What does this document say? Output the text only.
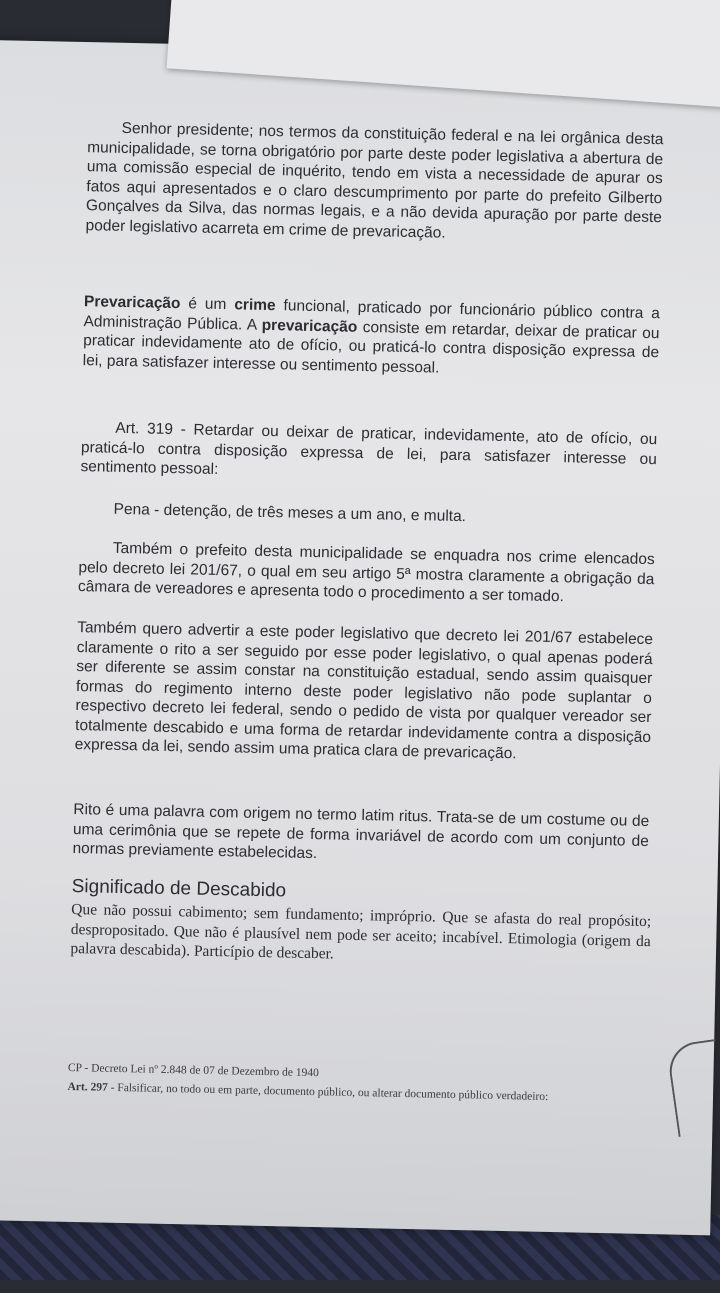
Senhor presidente; nos termos da constituição federal e na lei orgânica desta municipalidade, se torna obrigatório por parte deste poder legislativa a abertura de uma comissão especial de inquérito, tendo em vista a necessidade de apurar os fatos aqui apresentados e o claro descumprimento por parte do prefeito Gilberto Gonçalves da Silva, das normas legais, e a não devida apuração por parte deste poder legislativo acarreta em crime de prevaricação.
Prevaricação é um crime funcional, praticado por funcionário público contra a Administração Pública. A prevaricação consiste em retardar, deixar de praticar ou praticar indevidamente ato de ofício, ou praticá-lo contra disposição expressa de lei, para satisfazer interesse ou sentimento pessoal.
Art. 319 - Retardar ou deixar de praticar, indevidamente, ato de ofício, ou praticá-lo contra disposição expressa de lei, para satisfazer interesse ou sentimento pessoal:
Pena - detenção, de três meses a um ano, e multa.
Também o prefeito desta municipalidade se enquadra nos crime elencados pelo decreto lei 201/67, o qual em seu artigo 5ª mostra claramente a obrigação da câmara de vereadores e apresenta todo o procedimento a ser tomado.
Também quero advertir a este poder legislativo que decreto lei 201/67 estabelece claramente o rito a ser seguido por esse poder legislativo, o qual apenas poderá ser diferente se assim constar na constituição estadual, sendo assim quaisquer formas do regimento interno deste poder legislativo não pode suplantar o respectivo decreto lei federal, sendo o pedido de vista por qualquer vereador ser totalmente descabido e uma forma de retardar indevidamente contra a disposição expressa da lei, sendo assim uma pratica clara de prevaricação.
Rito é uma palavra com origem no termo latim ritus. Trata-se de um costume ou de uma cerimônia que se repete de forma invariável de acordo com um conjunto de normas previamente estabelecidas.
Significado de Descabido
Que não possui cabimento; sem fundamento; impróprio. Que se afasta do real propósito; despropositado. Que não é plausível nem pode ser aceito; incabível. Etimologia (origem da palavra descabida). Particípio de descaber.
CP - Decreto Lei nº 2.848 de 07 de Dezembro de 1940
Art. 297 - Falsificar, no todo ou em parte, documento público, ou alterar documento público verdadeiro:
